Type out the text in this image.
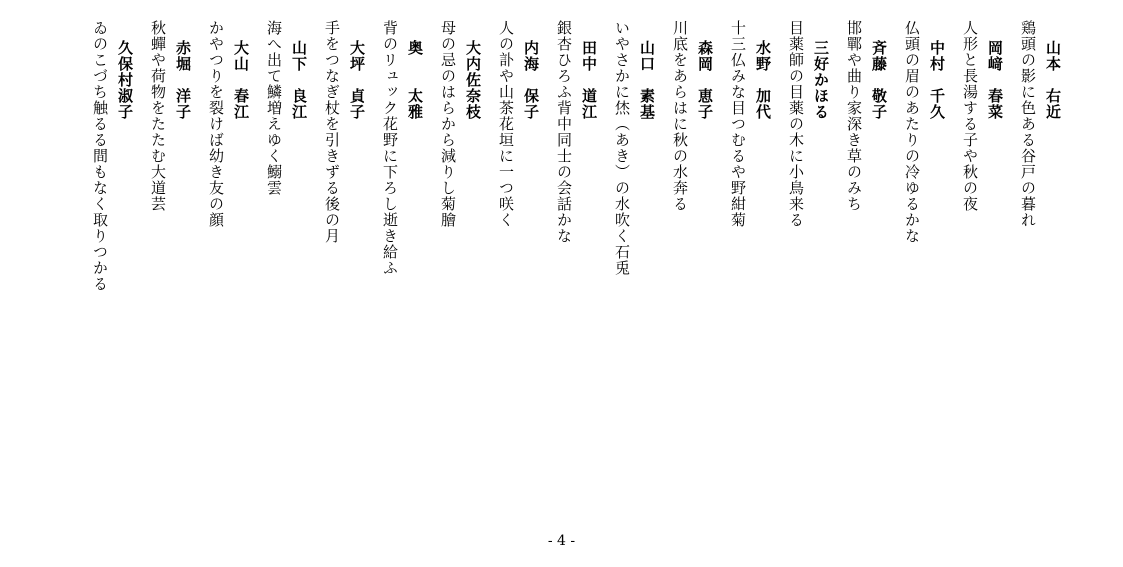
山本　右近
鶏頭の影に色ある谷戸の暮れ
岡﨑　春菜
人形と長湯する子や秋の夜
中村　千久
仏頭の眉のあたりの冷ゆるかな
斉藤　敬子
邯鄲や曲り家深き草のみち
三好かほる
目薬師の目薬の木に小鳥来る
水野　加代
十三仏みな目つむるや野紺菊
森岡　恵子
川底をあらはに秋の水奔る
山口　素基
いやさかに烋（あき）の水吹く石兎
田中　道江
銀杏ひろふ背中同士の会話かな
内海　保子
人の訃や山茶花垣に一つ咲く
大内佐奈枝
母の忌のはらから減りし菊膾
奥　　太雅
背のリュック花野に下ろし逝き給ふ
大坪　貞子
手をつなぎ杖を引きずる後の月
山下　良江
海へ出て鱗増えゆく鰯雲
大山　春江
かやつりを裂けば幼き友の顔
赤堀　洋子
秋蟬や荷物をたたむ大道芸
久保村淑子
ゐのこづち触るる間もなく取りつかる
- 4 -
